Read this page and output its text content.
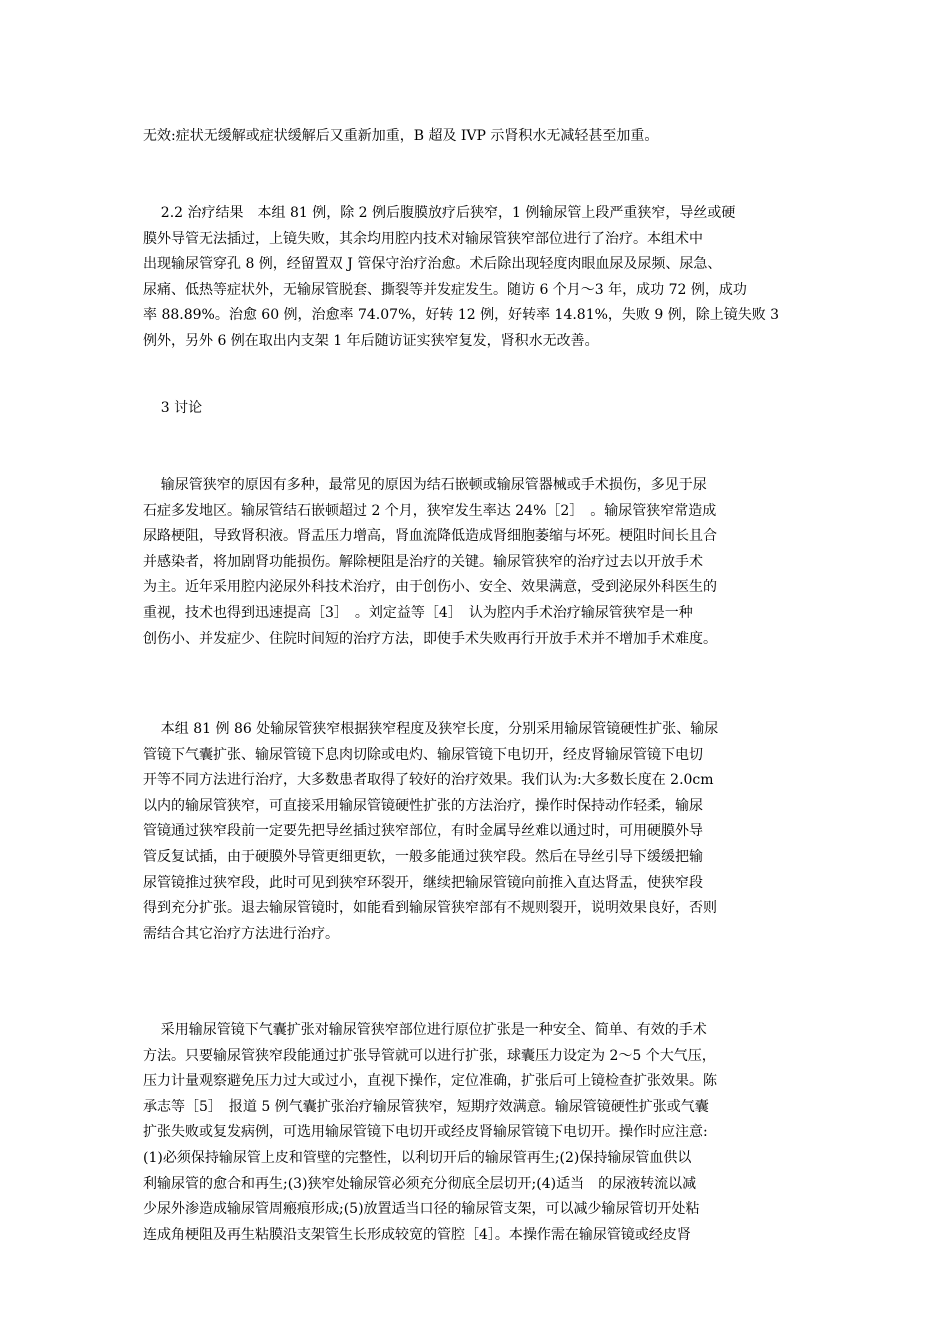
无效:症状无缓解或症状缓解后又重新加重，B 超及 IVP 示肾积水无减轻甚至加重。

2.2 治疗结果　本组 81 例，除 2 例后腹膜放疗后狭窄，1 例输尿管上段严重狭窄，导丝或硬
膜外导管无法插过，上镜失败，其余均用腔内技术对输尿管狭窄部位进行了治疗。本组术中
出现输尿管穿孔 8 例，经留置双 J 管保守治疗治愈。术后除出现轻度肉眼血尿及尿频、尿急、
尿痛、低热等症状外，无输尿管脱套、撕裂等并发症发生。随访 6 个月～3 年，成功 72 例，成功
率 88.89%。治愈 60 例，治愈率 74.07%，好转 12 例，好转率 14.81%，失败 9 例，除上镜失败 3
例外，另外 6 例在取出内支架 1 年后随访证实狭窄复发，肾积水无改善。

3 讨论

输尿管狭窄的原因有多种，最常见的原因为结石嵌顿或输尿管器械或手术损伤，多见于尿
石症多发地区。输尿管结石嵌顿超过 2 个月，狭窄发生率达 24%［2］　。输尿管狭窄常造成
尿路梗阻，导致肾积液。肾盂压力增高，肾血流降低造成肾细胞萎缩与坏死。梗阻时间长且合
并感染者，将加剧肾功能损伤。解除梗阻是治疗的关键。输尿管狭窄的治疗过去以开放手术
为主。近年采用腔内泌尿外科技术治疗，由于创伤小、安全、效果满意，受到泌尿外科医生的
重视，技术也得到迅速提高［3］　。刘定益等［4］　认为腔内手术治疗输尿管狭窄是一种
创伤小、并发症少、住院时间短的治疗方法，即使手术失败再行开放手术并不增加手术难度。

本组 81 例 86 处输尿管狭窄根据狭窄程度及狭窄长度，分别采用输尿管镜硬性扩张、输尿
管镜下气囊扩张、输尿管镜下息肉切除或电灼、输尿管镜下电切开，经皮肾输尿管镜下电切
开等不同方法进行治疗，大多数患者取得了较好的治疗效果。我们认为:大多数长度在 2.0cm
以内的输尿管狭窄，可直接采用输尿管镜硬性扩张的方法治疗，操作时保持动作轻柔，输尿
管镜通过狭窄段前一定要先把导丝插过狭窄部位，有时金属导丝难以通过时，可用硬膜外导
管反复试插，由于硬膜外导管更细更软，一般多能通过狭窄段。然后在导丝引导下缓缓把输
尿管镜推过狭窄段，此时可见到狭窄环裂开，继续把输尿管镜向前推入直达肾盂，使狭窄段
得到充分扩张。退去输尿管镜时，如能看到输尿管狭窄部有不规则裂开，说明效果良好，否则
需结合其它治疗方法进行治疗。

采用输尿管镜下气囊扩张对输尿管狭窄部位进行原位扩张是一种安全、简单、有效的手术
方法。只要输尿管狭窄段能通过扩张导管就可以进行扩张，球囊压力设定为 2～5 个大气压，
压力计量观察避免压力过大或过小，直视下操作，定位准确，扩张后可上镜检查扩张效果。陈
承志等［5］　报道 5 例气囊扩张治疗输尿管狭窄，短期疗效满意。输尿管镜硬性扩张或气囊
扩张失败或复发病例，可选用输尿管镜下电切开或经皮肾输尿管镜下电切开。操作时应注意:
(1)必须保持输尿管上皮和管壁的完整性，以利切开后的输尿管再生;(2)保持输尿管血供以
利输尿管的愈合和再生;(3)狭窄处输尿管必须充分彻底全层切开;(4)适当　的尿液转流以减
少尿外渗造成输尿管周瘢痕形成;(5)放置适当口径的输尿管支架，可以减少输尿管切开处粘
连成角梗阻及再生粘膜沿支架管生长形成较宽的管腔［4］。本操作需在输尿管镜或经皮肾
